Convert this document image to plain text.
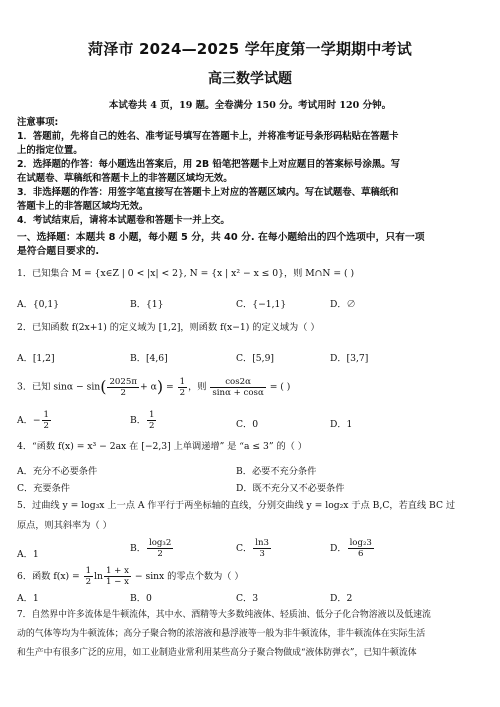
菏泽市 2024—2025 学年度第一学期期中考试
高三数学试题
本试卷共 4 页，19 题。全卷满分 150 分。考试用时 120 分钟。
注意事项:
1．答题前，先将自己的姓名、准考证号填写在答题卡上，并将准考证号条形码粘贴在答题卡
上的指定位置。
2．选择题的作答：每小题选出答案后，用 2B 铅笔把答题卡上对应题目的答案标号涂黑。写
在试题卷、草稿纸和答题卡上的非答题区域均无效。
3．非选择题的作答：用签字笔直接写在答题卡上对应的答题区域内。写在试题卷、草稿纸和
答题卡上的非答题区域均无效。
4．考试结束后，请将本试题卷和答题卡一并上交。
一、选择题：本题共 8 小题，每小题 5 分，共 40 分. 在每小题给出的四个选项中，只有一项
是符合题目要求的.
1．已知集合 M = {x∈Z | 0 < |x| < 2}, N = {x | x² − x ≤ 0}，则 M∩N = ( )
A．{0,1}	B．{1}	C．{−1,1}	D．∅
2．已知函数 f(2x+1) 的定义域为 [1,2]，则函数 f(x−1) 的定义域为（ ）
A．[1,2]	B．[4,6]	C．[5,9]	D．[3,7]
3．已知 $\sin\alpha - \sin( \frac{2025\pi}{2} + \alpha) = \frac{1}{2}$ ，则 $\frac{\cos 2\alpha}{\sin\alpha + \cos\alpha}$ = ( )
A．− $\frac{1}{2}$	B． $\frac{1}{2}$	C．0	D．1
4．“函数 f(x) = x³ − 2ax 在 [−2,3] 上单调递增” 是 “a ≤ 3” 的（ ）
A．充分不必要条件	B．必要不充分条件
C．充要条件	D．既不充分又不必要条件
5．过曲线 y = log₃x 上一点 A 作平行于两坐标轴的直线，分别交曲线 y = log₂x 于点 B,C，若直线 BC 过
原点，则其斜率为（ ）
A．1
B． $\frac{\text{log₃2}}{2}$	C． $\frac{\ln 3}{3}$	D． $\frac{\text{log₂3}}{6}$
6．函数 $f(x) = \frac{1}{2}$ $\ln \frac{1 + x}{1 - x} - \sin x$ 的零点个数为（ ）
A．1	B．0	C．3	D．2
7．自然界中许多流体是牛顿流体，其中水、酒精等大多数纯液体、轻质油、低分子化合物溶液以及低速流
动的气体等均为牛顿流体；高分子聚合物的浓溶液和悬浮液等一般为非牛顿流体，非牛顿流体在实际生活
和生产中有很多广泛的应用，如工业制造业常利用某些高分子聚合物做成“液体防弹衣”，已知牛顿流体
